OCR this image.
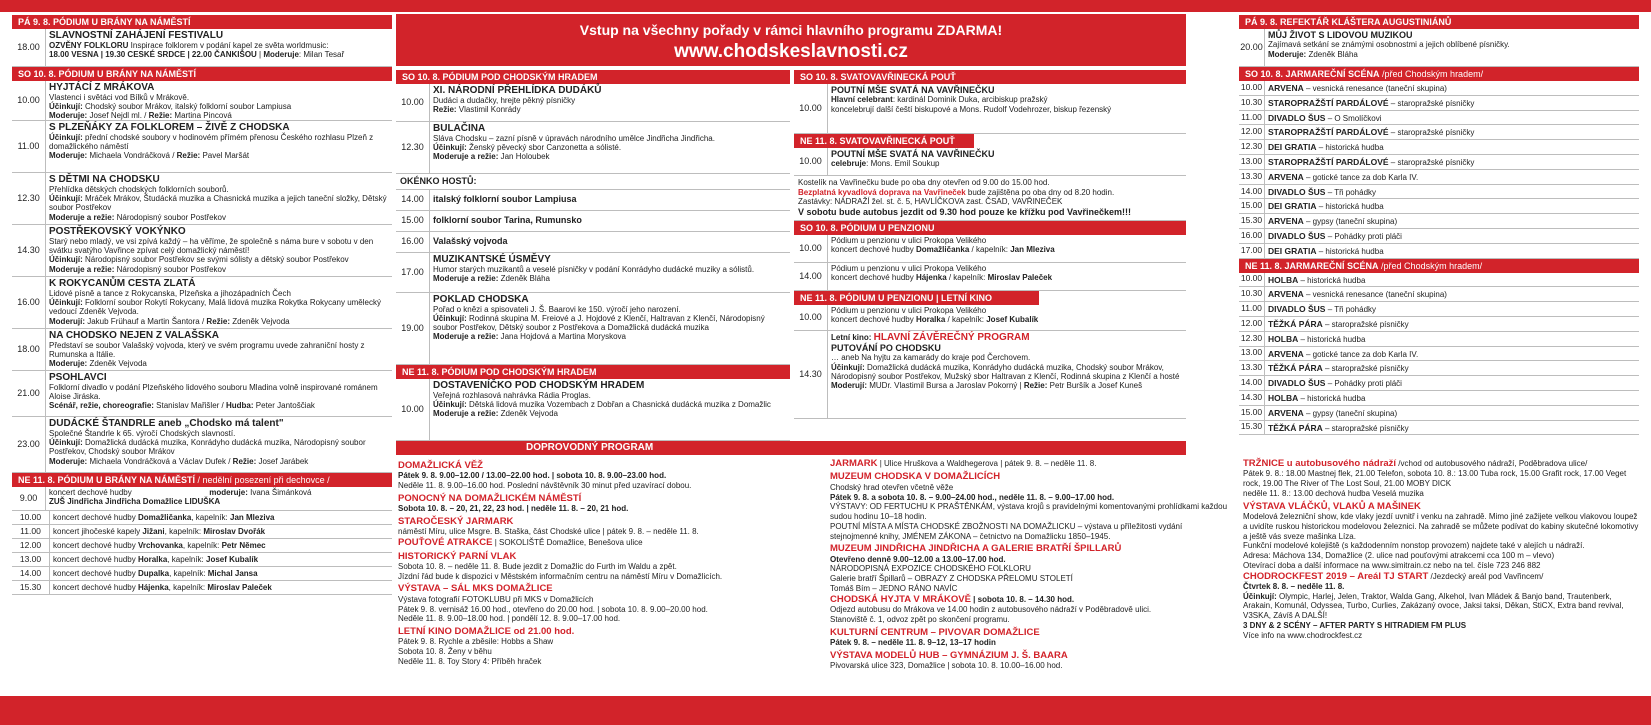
PÁ 9. 8. PÓDIUM U BRÁNY NA NÁMĚSTÍ
18.00
SLAVNOSTNÍ ZAHÁJENÍ FESTIVALU
OZVĚNY FOLKLORU Inspirace folklorem v podání kapel ze světa worldmusic:
18.00 VESNA | 19.30 CESKÉ SRDCE | 22.00 ČANKIŠOU | Moderuje: Milan Tesař
SO 10. 8. PÓDIUM U BRÁNY NA NÁMĚSTÍ
10.00
HYJTÁCÍ Z MRÁKOVA
Vlastenci i světáci vod Bílků v Mrákově.
Účinkují: Chodský soubor Mrákov, italský folklorní soubor Lampiusa
Moderuje: Josef Nejdl ml. / Režie: Martina Pincová
11.00
S PLZEŇÁKY ZA FOLKLOREM – ŽIVĚ Z CHODSKA
Účinkují: přední chodské soubory v hodinovém přímém přenosu Českého rozhlasu Plzeň z domažlického náměstí
Moderuje: Michaela Vondráčková / Režie: Pavel Maršát
12.30
S DĚTMI NA CHODSKU
Přehlídka dětských chodských folklorních souborů.
Účinkují: Mráček Mrákov, Študácká muzika a Chasnická muzika a jejich taneční složky, Dětský soubor Postřekov
Moderuje a režie: Národopisný soubor Postřekov
14.30
POSTŘEKOVSKÝ VOKÝNKO
Starý nebo mladý, ve vsi zpívá každý – ha věříme, že společně s náma bure v sobotu v den svátku svatýho Vavřince zpívat celý domažlický náměstí!
Účinkují: Národopisný soubor Postřekov se svými sólisty a dětský soubor Postřekov
Moderuje a režie: Národopisný soubor Postřekov
16.00
K ROKYCANŮM CESTA ZLATÁ
Lidové písně a tance z Rokycanska, Plzeňska a jihozápadních Čech
Účinkují: Folklorní soubor Rokytí Rokycany, Malá lidová muzika Rokytka Rokycany umělecký vedoucí Zdeněk Vejvoda.
Moderují: Jakub Frühauf a Martin Šantora / Režie: Zdeněk Vejvoda
18.00
NA CHODSKO NEJEN Z VALAŠSKA
Představí se soubor Valašský vojvoda, který ve svém programu uvede zahraniční hosty z Rumunska a Itálie.
Moderuje: Zdeněk Vejvoda
21.00
PSOHLAVCI
Folklorní divadlo v podání Plzeňského lidového souboru Mladina volně inspirované románem Aloise Jiráska.
Scénář, režie, choreografie: Stanislav Mařišler / Hudba: Peter Jantoščiak
23.00
DUDÁCKÉ ŠTANDRLE aneb „Chodsko má talent"
Společné Štandrle k 65. výročí Chodských slavností.
Účinkují: Domažlická dudácká muzika, Konrádyho dudácká muzika, Národopisný soubor Postřekov, Chodský soubor Mrákov
Moderuje: Michaela Vondráčková a Václav Dufek / Režie: Josef Jarábek
NE 11. 8. PÓDIUM U BRÁNY NA NÁMĚSTÍ / nedělní posezení při dechovce /
9.00
koncert dechové hudby	moderuje: Ivana Šimánková
ZUŠ Jindřicha Jindřicha Domažlice LIDUŠKA
10.00	koncert dechové hudby Domažličanka, kapelník: Jan Mleziva
11.00	koncert jihočeské kapely Jižani, kapelník: Miroslav Dvořák
12.00	koncert dechové hudby Vrchovanka, kapelník: Petr Němec
13.00	koncert dechové hudby Horalka, kapelník: Josef Kubalík
14.00	koncert dechové hudby Dupalka, kapelník: Michal Jansa
15.30	koncert dechové hudby Hájenka, kapelník: Miroslav Paleček
Vstup na všechny pořady v rámci hlavního programu ZDARMA!
www.chodskeslavnosti.cz
SO 10. 8. PÓDIUM POD CHODSKÝM HRADEM
10.00
XI. NÁRODNÍ PŘEHLÍDKA DUDÁKŮ
Dudáci a dudačky, hrejte pěkný písničky
Režie: Vlastimil Konrády
12.30
BULAČINA
Sláva Chodsku – zazní písně v úpravách národního umělce Jindřicha Jindřicha.
Účinkují: Ženský pěvecký sbor Canzonetta a sólisté.
Moderuje a režie: Jan Holoubek
OKÉNKO HOSTŮ:
14.00	italský folklorní soubor Lampiusa
15.00	folklorní soubor Tarina, Rumunsko
16.00	Valašský vojvoda
17.00
MUZIKANTSKÉ ÚSMĚVY
Humor starých muzikantů a veselé písničky v podání Konrádyho dudácké muziky a sólistů.
Moderuje a režie: Zdeněk Bláha
19.00
POKLAD CHODSKA
Pořad o knězi a spisovateli J. Š. Baarovi ke 150. výročí jeho narození.
Účinkují: Rodinná skupina M. Freiové a J. Hojdové z Klenčí, Haltravan z Klenčí, Národopisný soubor Postřekov, Dětský soubor z Postřekova a Domažlická dudácká muzika
Moderuje a režie: Jana Hojdová a Martina Moryskova
NE 11. 8. PÓDIUM POD CHODSKÝM HRADEM
10.00
DOSTAVENÍČKO POD CHODSKÝM HRADEM
Veřejná rozhlasová nahrávka Rádia Proglas.
Účinkují: Dětská lidová muzika Vozembach z Dobřan a Chasnická dudácká muzika z Domažlic
Moderuje a režie: Zdeněk Vejvoda
SO 10. 8. SVATOVAVŘINECKÁ POUŤ
10.00
POUTNÍ MŠE SVATÁ NA VAVŘINEČKU
Hlavní celebrant: kardinál Dominik Duka, arcibiskup pražský
koncelebrují další čeští biskupové a Mons. Rudolf Vodehrozer, biskup řezenský
NE 11. 8. SVATOVAVŘINECKÁ POUŤ
10.00
POUTNÍ MŠE SVATÁ NA VAVŘINEČKU
celebruje: Mons. Emil Soukup
Kostelík na Vavřinečku bude po oba dny otevřen od 9.00 do 15.00 hod.
Bezplatná kyvadlová doprava na Vavřineček bude zajištěna po oba dny od 8.20 hodin.
Zastávky: NÁDRAŽÍ žel. st. č. 5, HAVLÍČKOVA zast. ČSAD, VAVŘINEČEK
V sobotu bude autobus jezdit od 9.30 hod pouze ke křížku pod Vavřinečkem!!!
SO 10. 8. PÓDIUM U PENZIONU
10.00
Pódium u penzionu v ulici Prokopa Velikého
koncert dechové hudby Domažličanka / kapelník: Jan Mleziva
14.00
Pódium u penzionu v ulici Prokopa Velikého
koncert dechové hudby Hájenka / kapelník: Miroslav Paleček
NE 11. 8. PÓDIUM U PENZIONU | LETNÍ KINO
10.00
Pódium u penzionu v ulici Prokopa Velikého
koncert dechové hudby Horalka / kapelník: Josef Kubalík
14.30
Letní kino: HLAVNÍ ZÁVĚREČNÝ PROGRAM
PUTOVÁNÍ PO CHODSKU
… aneb Na hyjtu za kamarády do kraje pod Čerchovem.
Účinkují: Domažlická dudácká muzika, Konrádyho dudácká muzika, Chodský soubor Mrákov, Národopisný soubor Postřekov, Mužský sbor Haltravan z Klenčí, Rodinná skupina z Klenčí a hosté
Moderují: MUDr. Vlastimil Bursa a Jaroslav Pokorný | Režie: Petr Buršík a Josef Kuneš
PÁ 9. 8. REFEKTÁŘ KLÁŠTERA AUGUSTINIÁNŮ
20.00
MŮJ ŽIVOT S LIDOVOU MUZIKOU
Zajímavá setkání se známými osobnostmi a jejich oblíbené písničky.
Moderuje: Zdeněk Bláha
SO 10. 8. JARMAREČNÍ SCÉNA /před Chodským hradem/
10.00 ARVENA – vesnická renesance (taneční skupina)
10.30 STAROPRAŽŠTÍ PARDÁLOVÉ – staropražské písničky
11.00 DIVADLO ŠUS – O Smolíčkovi
12.00 STAROPRAŽŠTÍ PARDÁLOVÉ – staropražské písničky
12.30 DEI GRATIA – historická hudba
13.00 STAROPRAŽŠTÍ PARDÁLOVÉ – staropražské písničky
13.30 ARVENA – gotické tance za dob Karla IV.
14.00 DIVADLO ŠUS – Tři pohádky
15.00 DEI GRATIA – historická hudba
15.30 ARVENA – gypsy (taneční skupina)
16.00 DIVADLO ŠUS – Pohádky proti pláči
17.00 DEI GRATIA – historická hudba
NE 11. 8. JARMAREČNÍ SCÉNA /před Chodským hradem/
10.00 HOLBA – historická hudba
10.30 ARVENA – vesnická renesance (taneční skupina)
11.00 DIVADLO ŠUS – Tři pohádky
12.00 TĚŽKÁ PÁRA – staropražské písničky
12.30 HOLBA – historická hudba
13.00 ARVENA – gotické tance za dob Karla IV.
13.30 TĚŽKÁ PÁRA – staropražské písničky
14.00 DIVADLO ŠUS – Pohádky proti pláči
14.30 HOLBA – historická hudba
15.00 ARVENA – gypsy (taneční skupina)
15.30 TĚŽKÁ PÁRA – staropražské písničky
DOPROVODNÝ PROGRAM
DOMAŽLICKÁ VĚŽ
Pátek 9. 8. 9.00–12.00 / 13.00–22.00 hod. | sobota 10. 8. 9.00–23.00 hod.
Neděle 11. 8. 9.00–16.00 hod. Poslední návštěvník 30 minut před uzavírací dobou.
PONOCNÝ NA DOMAŽLICKÉM NÁMĚSTÍ
Sobota 10. 8. – 20, 21, 22, 23 hod. | neděle 11. 8. – 20, 21 hod.
STAROČESKÝ JARMARK
náměstí Míru, ulice Msgre. B. Staška, část Chodské ulice | pátek 9. 8. – neděle 11. 8.
POUŤOVÉ ATRAKCE | SOKOLIŠTĚ Domažlice, Benešova ulice
HISTORICKÝ PARNÍ VLAK
Sobota 10. 8. – neděle 11. 8. Bude jezdit z Domažlic do Furth im Waldu a zpět.
Jízdní řád bude k dispozici v Městském informačním centru na náměstí Míru v Domažlicích.
VÝSTAVA – SÁL MKS DOMAŽLICE
Výstava fotografií FOTOKLUBU při MKS v Domažlicích
Pátek 9. 8. vernisáž 16.00 hod., otevřeno do 20.00 hod. | sobota 10. 8. 9.00–20.00 hod.
Neděle 11. 8. 9.00–18.00 hod. | pondělí 12. 8. 9.00–17.00 hod.
LETNÍ KINO DOMAŽLICE od 21.00 hod.
Pátek 9. 8. Rychle a zběsile: Hobbs a Shaw
Sobota 10. 8. Ženy v běhu
Neděle 11. 8. Toy Story 4: Příběh hraček
JARMARK | Ulice Hruškova a Waldhegerova | pátek 9. 8. – neděle 11. 8.
MUZEUM CHODSKA V DOMAŽLICÍCH
Chodský hrad otevřen včetně věže
Pátek 9. 8. a sobota 10. 8. – 9.00–24.00 hod., neděle 11. 8. – 9.00–17.00 hod.
VÝSTAVY: OD FERTUCHU K PRAŠTĚNKÁM, výstava krojů s pravidelnými komentovanými prohlídkami každou sudou hodinu 10–18 hodin.
POUTNÍ MÍSTA A MÍSTA CHODSKÉ ZBOŽNOSTI NA DOMAŽLICKU – výstava u příležitosti vydání stejnojmenné knihy, JMÉNEM ZÁKONA – četnictvo na Domažlicku 1850–1945.
MUZEUM JINDŘICHA JINDŘICHA A GALERIE BRATŘÍ ŠPILLARŮ
Otevřeno denně 9.00–12.00 a 13.00–17.00 hod.
NÁRODOPISNÁ EXPOZICE CHODSKÉHO FOLKLORU
Galerie bratří Špillarů – OBRAZY Z CHODSKA PŘELOMU STOLETÍ
Tomáš Bím – JEDNO RÁNO NAVÍC
CHODSKÁ HYJTA V MRÁKOVĚ | sobota 10. 8. – 14.30 hod.
Odjezd autobusu do Mrákova ve 14.00 hodin z autobusového nádraží v Poděbradově ulici.
Stanoviště č. 1, odvoz zpět po skončení programu.
KULTURNÍ CENTRUM – PIVOVAR DOMAŽLICE
Pátek 9. 8. – neděle 11. 8. 9–12, 13–17 hodin
VÝSTAVA MODELŮ HUB – GYMNÁZIUM J. Š. BAARA
Pivovarská ulice 323, Domažlice | sobota 10. 8. 10.00–16.00 hod.
TRŽNICE u autobusového nádraží /vchod od autobusového nádraží, Poděbradova ulice/
Pátek 9. 8.: 18.00 Mastnej flek, 21.00 Telefon, sobota 10. 8.: 13.00 Tuba rock, 15.00 Grafit rock, 17.00 Veget rock, 19.00 The River of The Lost Soul, 21.00 MOBY DICK
neděle 11. 8.: 13.00 dechová hudba Veselá muzika
VÝSTAVA VLÁČKŮ, VLAKŮ A MAŠINEK
Modelová železniční show, kde vlaky jezdí uvnitř i venku na zahradě. Mimo jiné zažijete velkou vlakovou loupež a uvidíte ruskou historickou modelovou železnici. Na zahradě se můžete podívat do kabiny skutečné lokomotivy a ještě vás sveze mašinka Líza.
Funkční modelové kolejiště (s každodenním nonstop provozem) najdete také v alejích u nádraží.
Adresa: Máchova 134, Domažlice (2. ulice nad pouťovými atrakcemi cca 100 m – vlevo)
Otevírací doba a další informace na www.simitrain.cz nebo na tel. čísle 723 246 882
CHODROCKFEST 2019 – Areál TJ START /Jezdecký areál pod Vavřincem/
Čtvrtek 8. 8. – neděle 11. 8.
Účinkují: Olympic, Harlej, Jelen, Traktor, Walda Gang, Alkehol, Ivan Mládek & Banjo band, Trautenberk, Arakain, Komunál, Odyssea, Turbo, Curlies, Zakázaný ovoce, Jaksi taksi, Děkan, StiCX, Extra band revival, V3SKA, Závíš A DALŠÍ!
3 DNY & 2 SCÉNY – AFTER PARTY S HITRADIEM FM PLUS
Více info na www.chodrockfest.cz
